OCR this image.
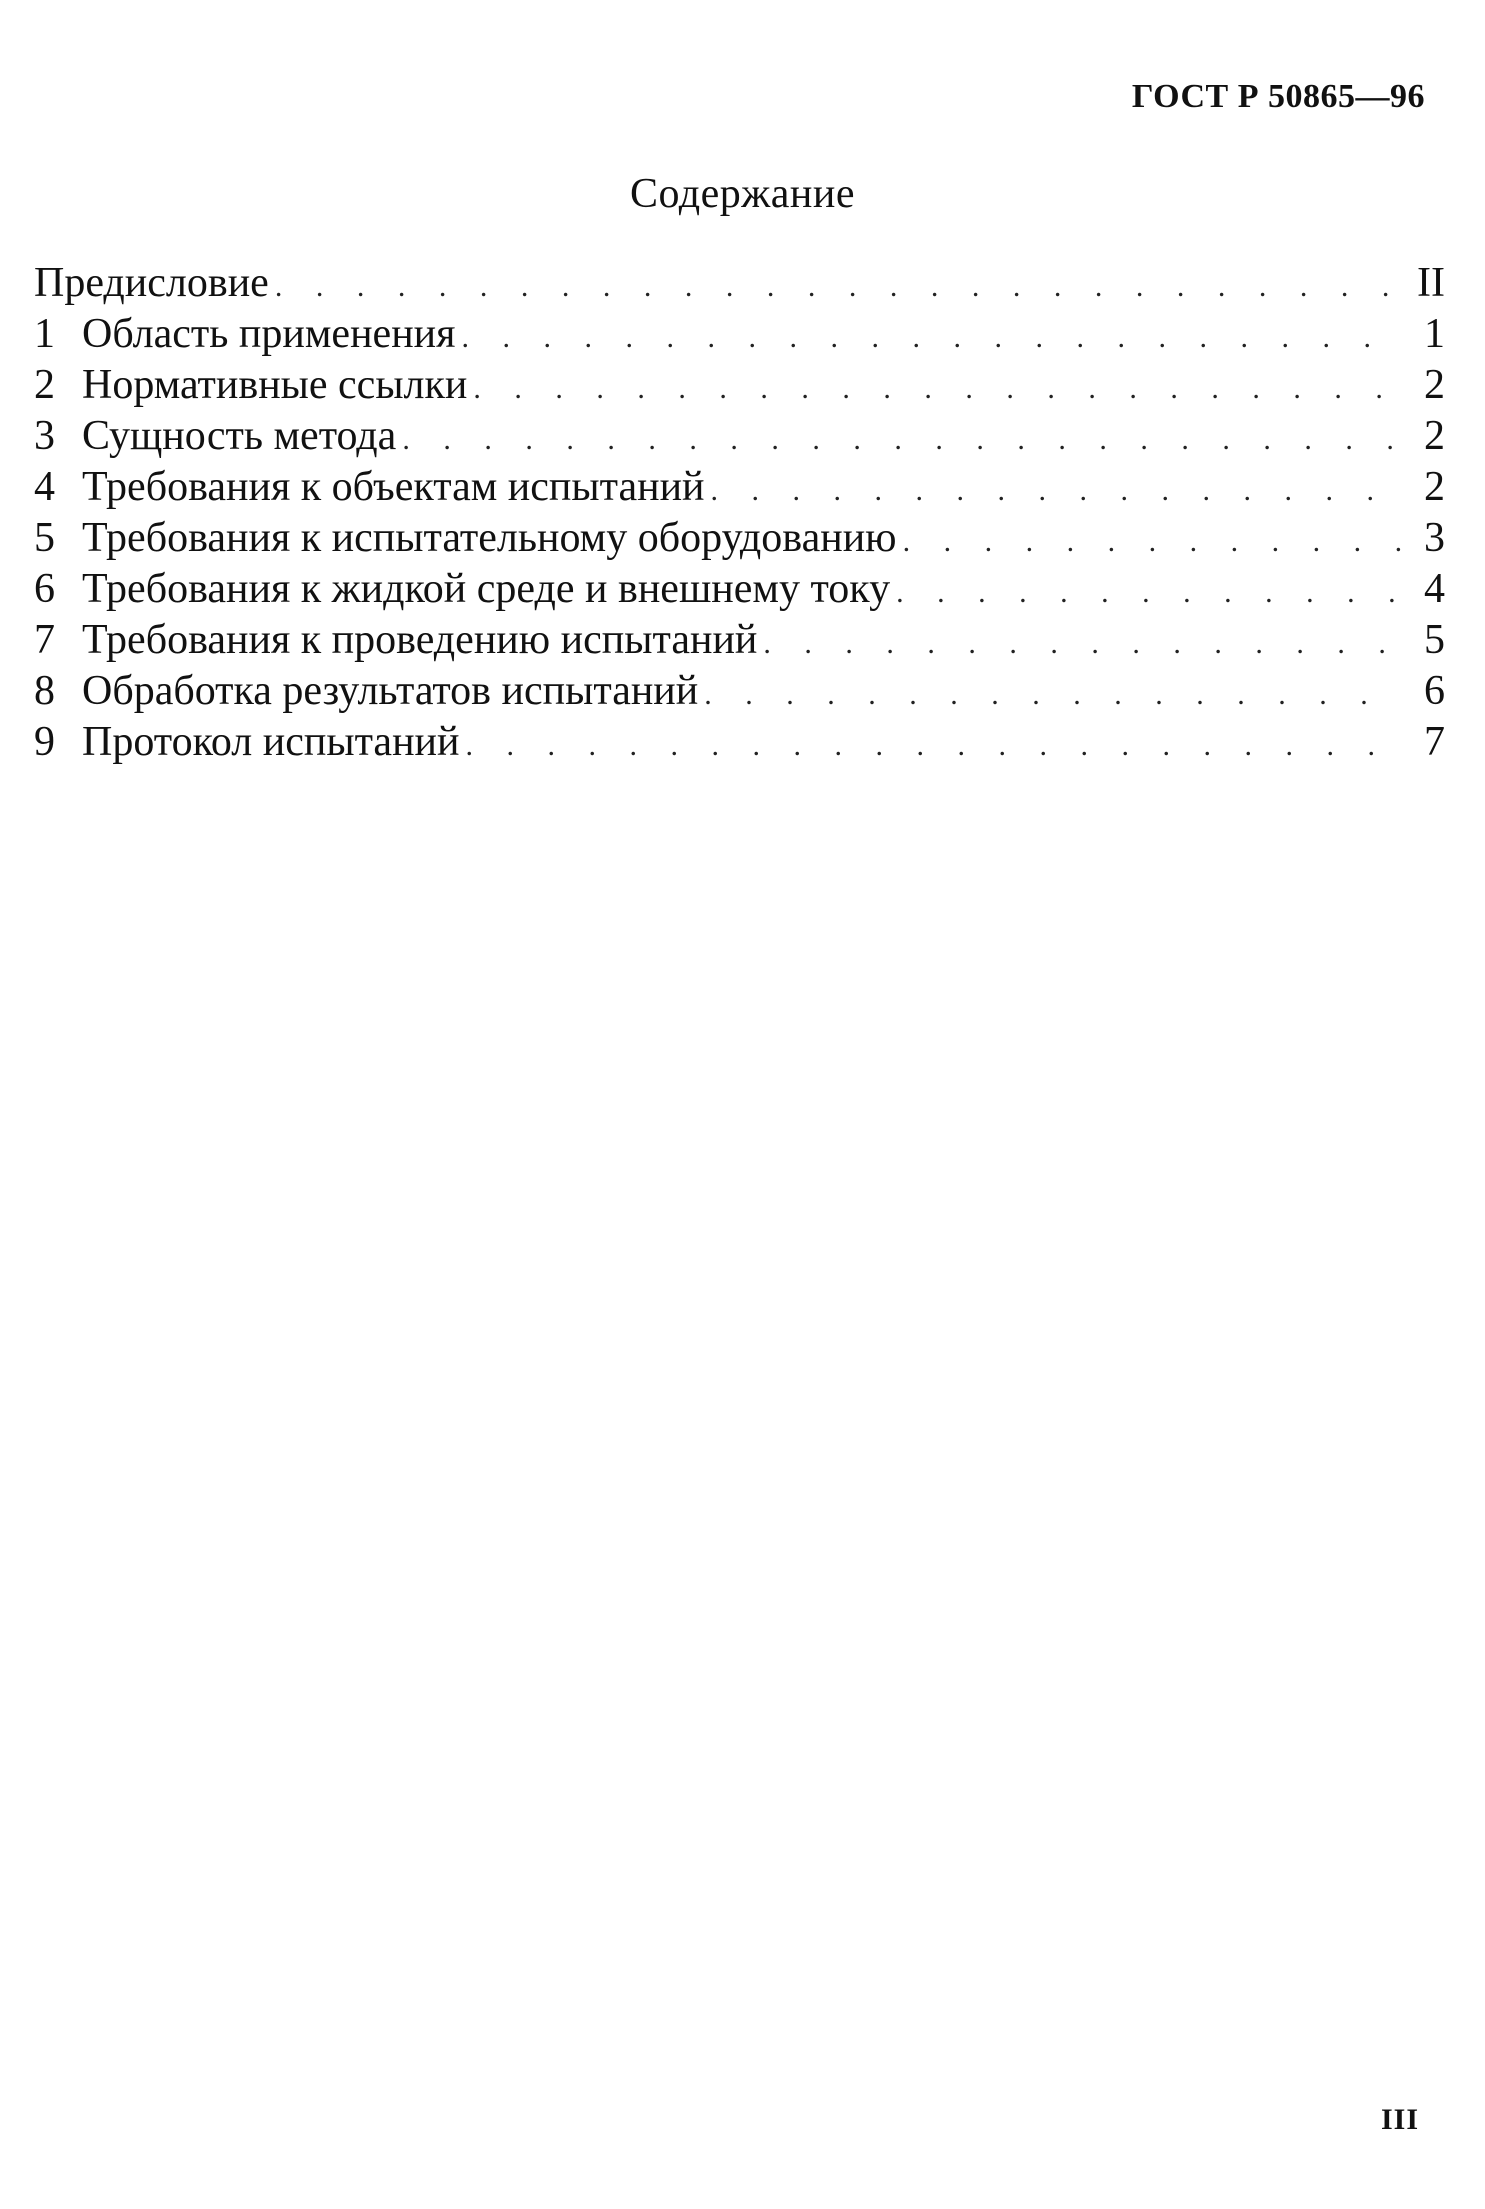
ГОСТ Р 50865—96
Содержание
Предисловие . . .	II
1 Область применения . . .	1
2 Нормативные ссылки . . .	2
3 Сущность метода . . .	2
4 Требования к объектам испытаний . . .	2
5 Требования к испытательному оборудованию . . .	3
6 Требования к жидкой среде и внешнему току . . .	4
7 Требования к проведению испытаний . . .	5
8 Обработка результатов испытаний . . .	6
9 Протокол испытаний . . .	7
III
